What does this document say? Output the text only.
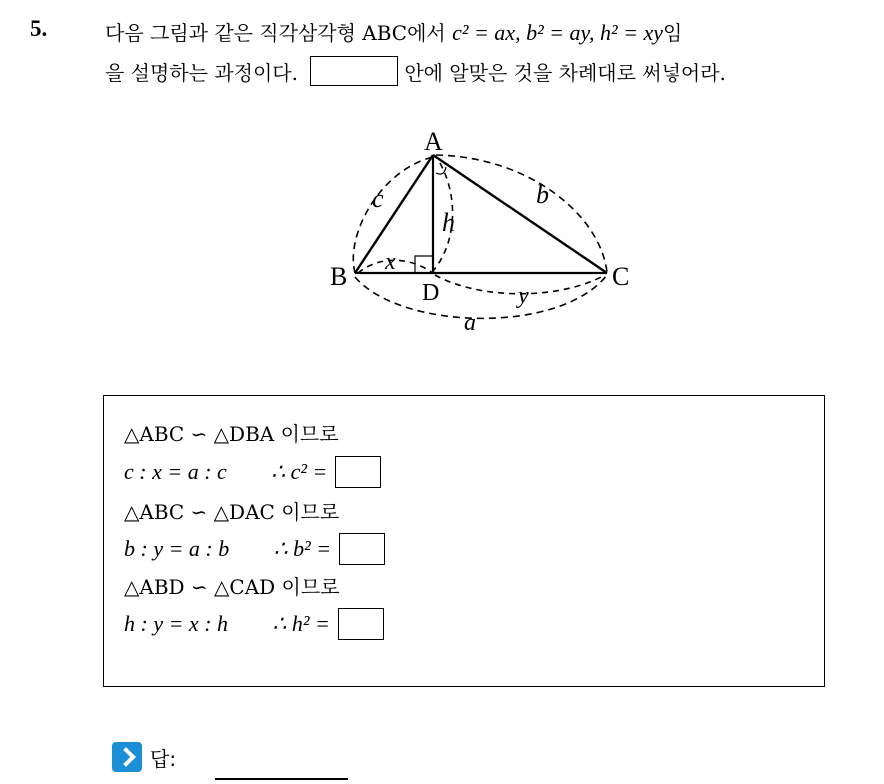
5.	다음 그림과 같은 직각삼각형 ABC에서 c² = ax, b² = ay, h² = xy임
을 설명하는 과정이다.	안에 알맞은 것을 차례대로 써넣어라.
A
B	C
D
c	b
h
x
y
a
△ABC ∽ △DBA 이므로
c : x = a : c ∴ c² =
△ABC ∽ △DAC 이므로
b : y = a : b ∴ b² =
△ABD ∽ △CAD 이므로
h : y = x : h ∴ h² =
답:
